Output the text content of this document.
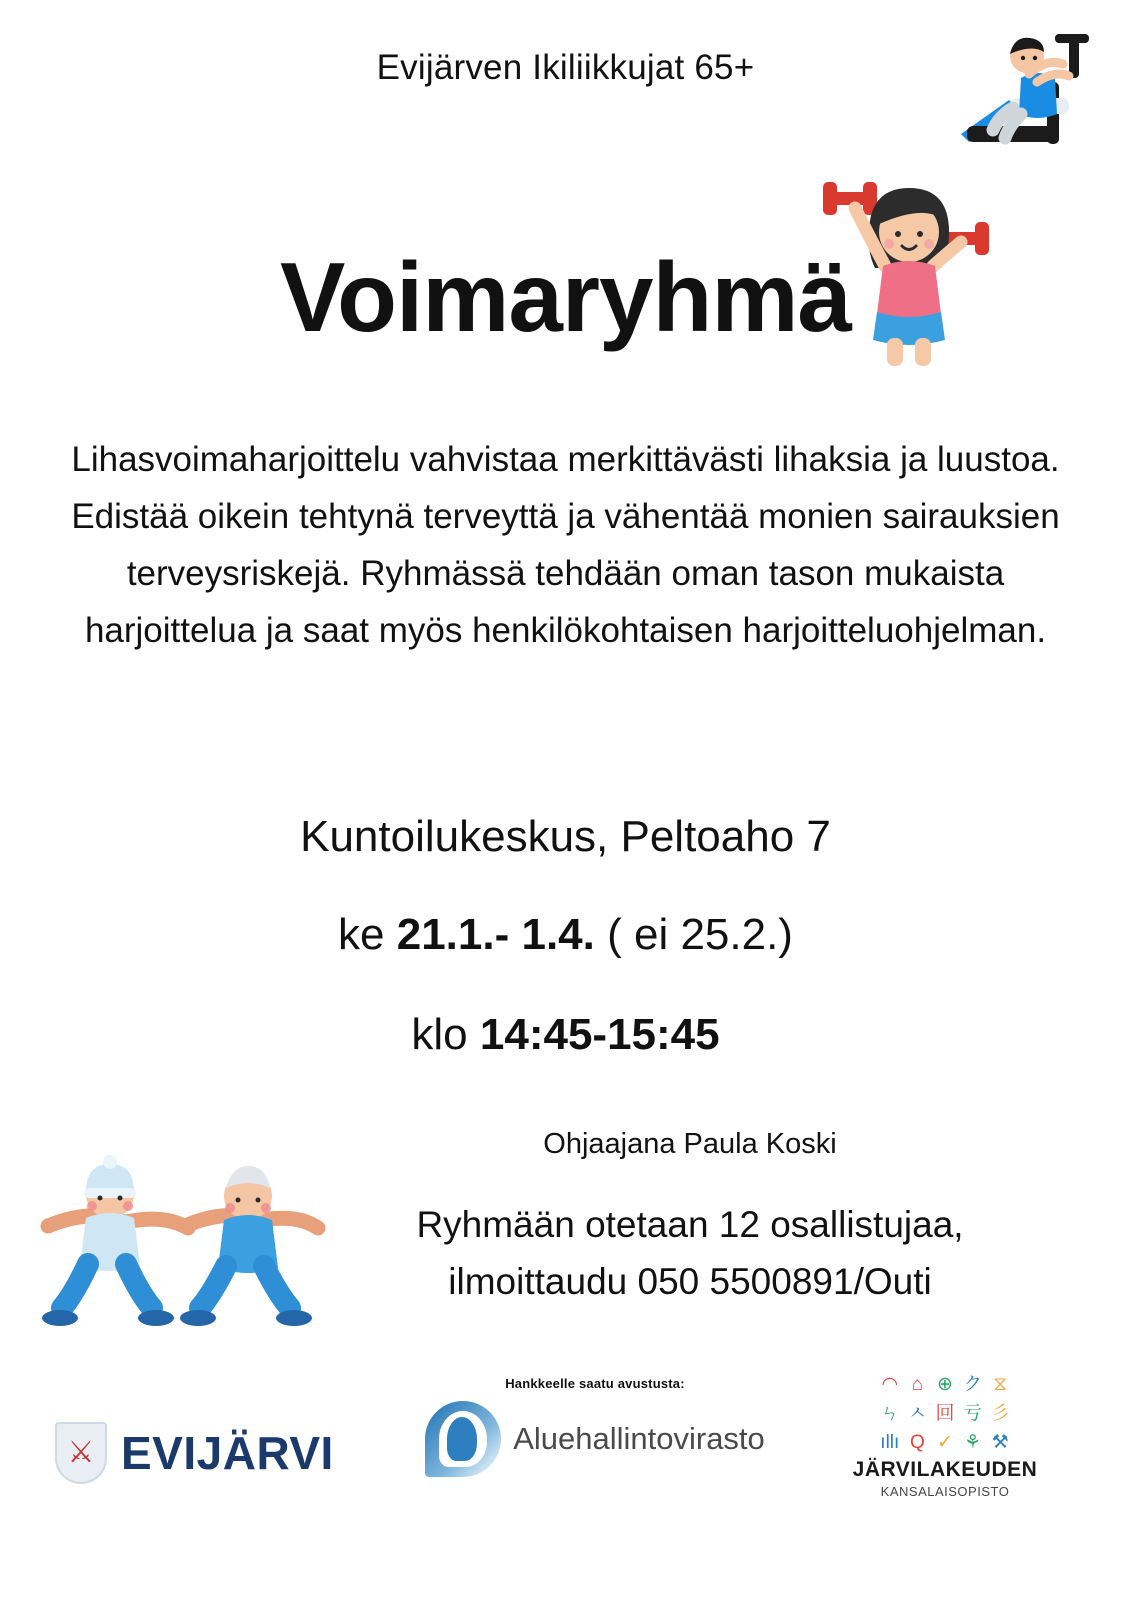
Evijärven Ikiliikkujat 65+
Voimaryhmä

Lihasvoimaharjoittelu vahvistaa merkittävästi lihaksia ja luustoa. Edistää oikein tehtynä terveyttä ja vähentää monien sairauksien terveysriskejä. Ryhmässä tehdään oman tason mukaista harjoittelua ja saat myös henkilökohtaisen harjoitteluohjelman.

Kuntoilukeskus, Peltoaho 7
ke 21.1.- 1.4. ( ei 25.2.)
klo 14:45-15:45
Ohjaajana Paula Koski
Ryhmään otetaan 12 osallistujaa, ilmoittaudu 050 5500891/Outi
⚔ EVIJÄRVI
Hankkeelle saatu avustusta:
Aluehallintovirasto
◠ ⌂ ⊕ ク ⧖
ㄣ ㅅ 回 亏 彡
ıllı Q ✓ ⚘ ⚒
JÄRVILAKEUDEN
KANSALAISOPISTO
